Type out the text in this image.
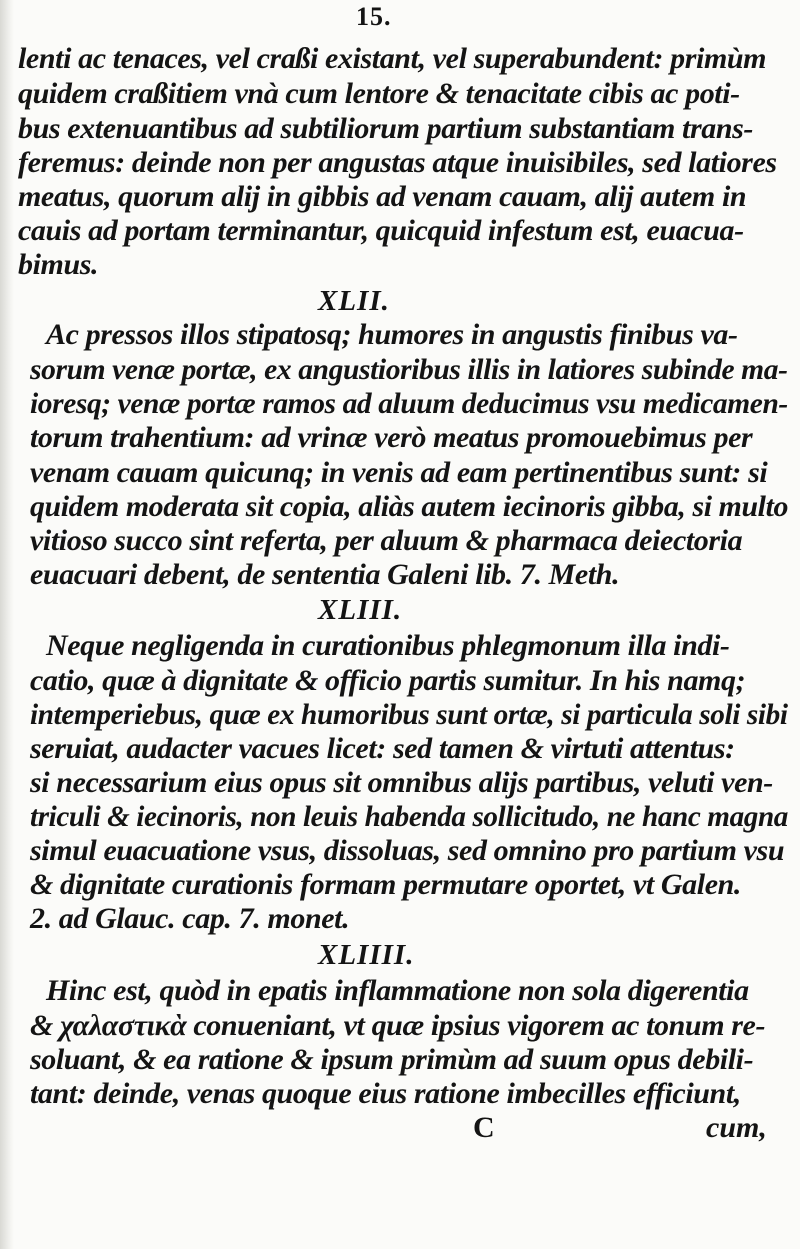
15.
lenti ac tenaces, vel craßi existant, vel superabundent: primùm
quidem craßitiem vnà cum lentore & tenacitate cibis ac poti-
bus extenuantibus ad subtiliorum partium substantiam trans-
feremus: deinde non per angustas atque inuisibiles, sed latiores
meatus, quorum alij in gibbis ad venam cauam, alij autem in
cauis ad portam terminantur, quicquid infestum est, euacua-
bimus.
XLII.
Ac pressos illos stipatosq; humores in angustis finibus va-
sorum venæ portæ, ex angustioribus illis in latiores subinde ma-
ioresq; venæ portæ ramos ad aluum deducimus vsu medicamen-
torum trahentium: ad vrinæ verò meatus promouebimus per
venam cauam quicunq; in venis ad eam pertinentibus sunt: si
quidem moderata sit copia, aliàs autem iecinoris gibba, si multo
vitioso succo sint referta, per aluum & pharmaca deiectoria
euacuari debent, de sententia Galeni lib. 7. Meth.
XLIII.
Neque negligenda in curationibus phlegmonum illa indi-
catio, quæ à dignitate & officio partis sumitur. In his namq;
intemperiebus, quæ ex humoribus sunt ortæ, si particula soli sibi
seruiat, audacter vacues licet: sed tamen & virtuti attentus:
si necessarium eius opus sit omnibus alijs partibus, veluti ven-
triculi & iecinoris, non leuis habenda sollicitudo, ne hanc magna
simul euacuatione vsus, dissoluas, sed omnino pro partium vsu
& dignitate curationis formam permutare oportet, vt Galen.
2. ad Glauc. cap. 7. monet.
XLIIII.
Hinc est, quòd in epatis inflammatione non sola digerentia
& χαλαστικὰ conueniant, vt quæ ipsius vigorem ac tonum re-
soluant, & ea ratione & ipsum primùm ad suum opus debili-
tant: deinde, venas quoque eius ratione imbecilles efficiunt,
C	cum,
